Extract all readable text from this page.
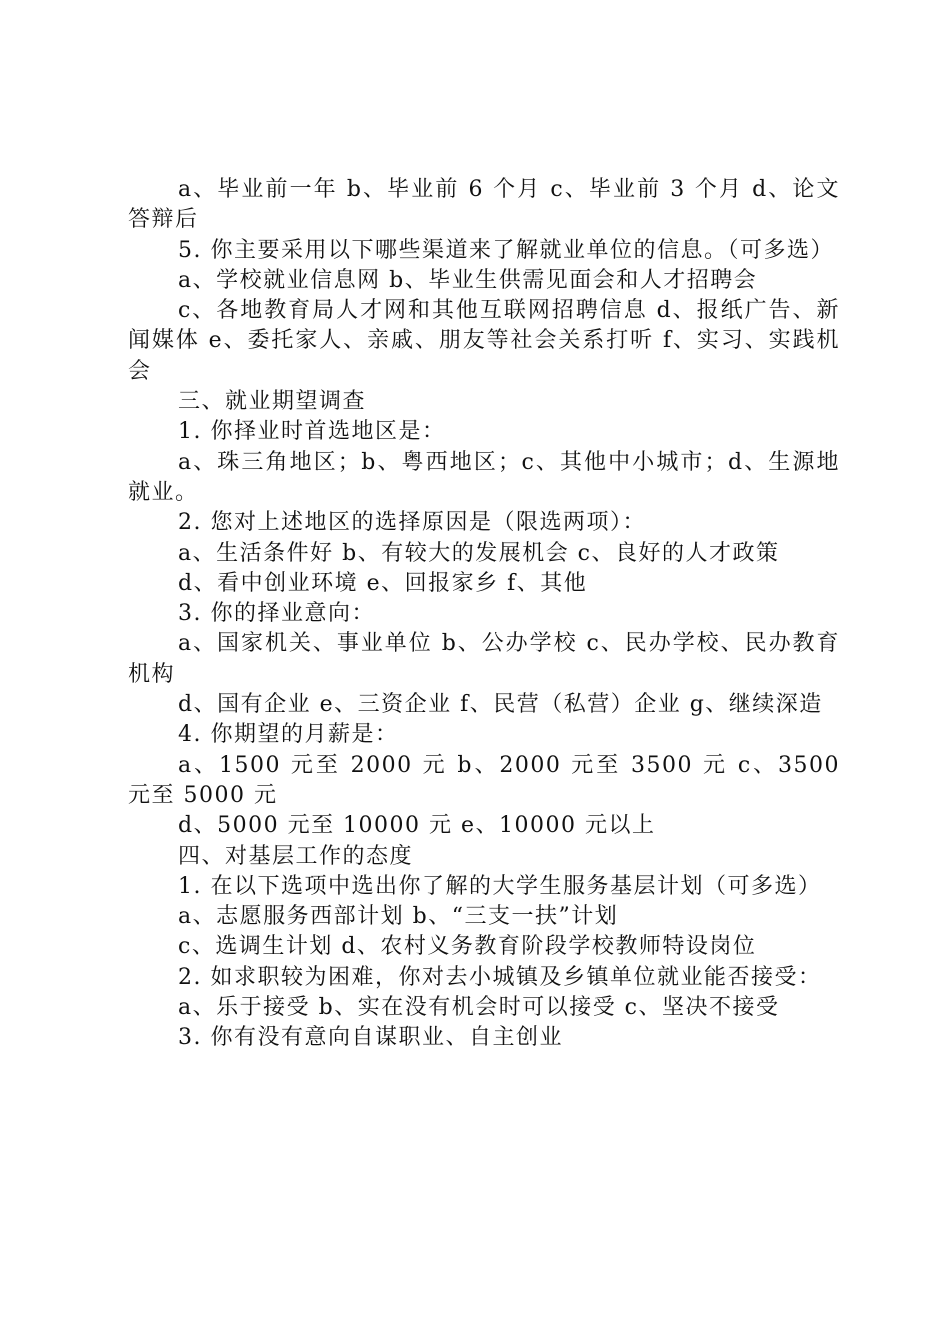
a、毕业前一年 b、毕业前 6 个月 c、毕业前 3 个月 d、论文答辩后

5. 你主要采用以下哪些渠道来了解就业单位的信息。（可多选）

a、学校就业信息网 b、毕业生供需见面会和人才招聘会

c、各地教育局人才网和其他互联网招聘信息 d、报纸广告、新闻媒体 e、委托家人、亲戚、朋友等社会关系打听 f、实习、实践机会

三、就业期望调查

1. 你择业时首选地区是：

a、珠三角地区；b、粤西地区；c、其他中小城市；d、生源地就业。

2. 您对上述地区的选择原因是（限选两项）：

a、生活条件好 b、有较大的发展机会 c、良好的人才政策

d、看中创业环境 e、回报家乡 f、其他

3. 你的择业意向：

a、国家机关、事业单位 b、公办学校 c、民办学校、民办教育机构

d、国有企业 e、三资企业 f、民营（私营）企业 g、继续深造

4. 你期望的月薪是：

a、1500 元至 2000 元 b、2000 元至 3500 元 c、3500 元至 5000 元

d、5000 元至 10000 元 e、10000 元以上

四、对基层工作的态度

1. 在以下选项中选出你了解的大学生服务基层计划（可多选）

a、志愿服务西部计划 b、“三支一扶”计划

c、选调生计划 d、农村义务教育阶段学校教师特设岗位

2. 如求职较为困难，你对去小城镇及乡镇单位就业能否接受：

a、乐于接受 b、实在没有机会时可以接受 c、坚决不接受

3. 你有没有意向自谋职业、自主创业
